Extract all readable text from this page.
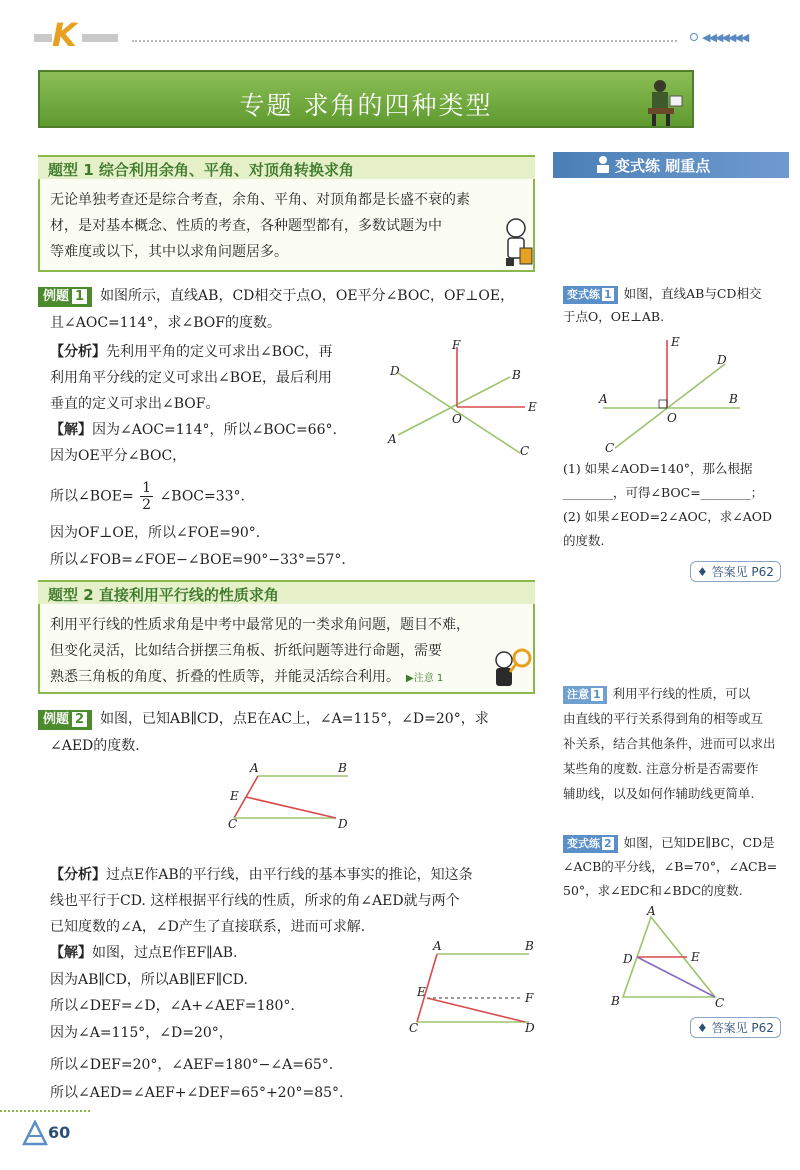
K	◀◀◀◀◀◀◀
专题 求角的四种类型
题型 1 综合利用余角、平角、对顶角转换求角
无论单独考查还是综合考查，余角、平角、对顶角都是长盛不衰的素
材，是对基本概念、性质的考查，各种题型都有，多数试题为中
等难度或以下，其中以求角问题居多。
例题 1 如图所示，直线AB，CD相交于点O，OE平分∠BOC，OF⊥OE，
且∠AOC=114°，求∠BOF的度数。
【分析】先利用平角的定义可求出∠BOC，再
利用角平分线的定义可求出∠BOE，最后利用
垂直的定义可求出∠BOF。
【解】因为∠AOC=114°，所以∠BOC=66°.
因为OE平分∠BOC，
所以∠BOE= $\frac{1}{2}$ ∠BOC=33°.
因为OF⊥OE，所以∠FOE=90°.
所以∠FOB=∠FOE−∠BOE=90°−33°=57°.
F
B
D
E
O
A
C
题型 2 直接利用平行线的性质求角
利用平行线的性质求角是中考中最常见的一类求角问题，题目不难，
但变化灵活，比如结合拼摆三角板、折纸问题等进行命题，需要
熟悉三角板的角度、折叠的性质等，并能灵活综合利用。 ▶注意 1
例题 2 如图，已知AB∥CD，点E在AC上，∠A=115°，∠D=20°，求
∠AED的度数.
A	B
E
C	D
【分析】过点E作AB的平行线，由平行线的基本事实的推论，知这条
线也平行于CD. 这样根据平行线的性质，所求的角∠AED就与两个
已知度数的∠A，∠D产生了直接联系，进而可求解.
【解】如图，过点E作EF∥AB.
因为AB∥CD，所以AB∥EF∥CD.
所以∠DEF=∠D，∠A+∠AEF=180°.
因为∠A=115°，∠D=20°，
所以∠DEF=20°，∠AEF=180°−∠A=65°.
所以∠AED=∠AEF+∠DEF=65°+20°=85°.
A	B
E	F
C	D
变式练 刷重点
变式练 1 如图，直线AB与CD相交
于点O，OE⊥AB.
E
D
A	B
O
C
(1) 如果∠AOD=140°，那么根据
________，可得∠BOC=________；
(2) 如果∠EOD=2∠AOC，求∠AOD
的度数.
♦ 答案见 P62
注意 1 利用平行线的性质，可以
由直线的平行关系得到角的相等或互
补关系，结合其他条件，进而可以求出
某些角的度数. 注意分析是否需要作
辅助线，以及如何作辅助线更简单.
变式练 2 如图，已知DE∥BC，CD是
∠ACB的平分线，∠B=70°，∠ACB=
50°，求∠EDC和∠BDC的度数.
A
D	E
B	C
♦ 答案见 P62
60
